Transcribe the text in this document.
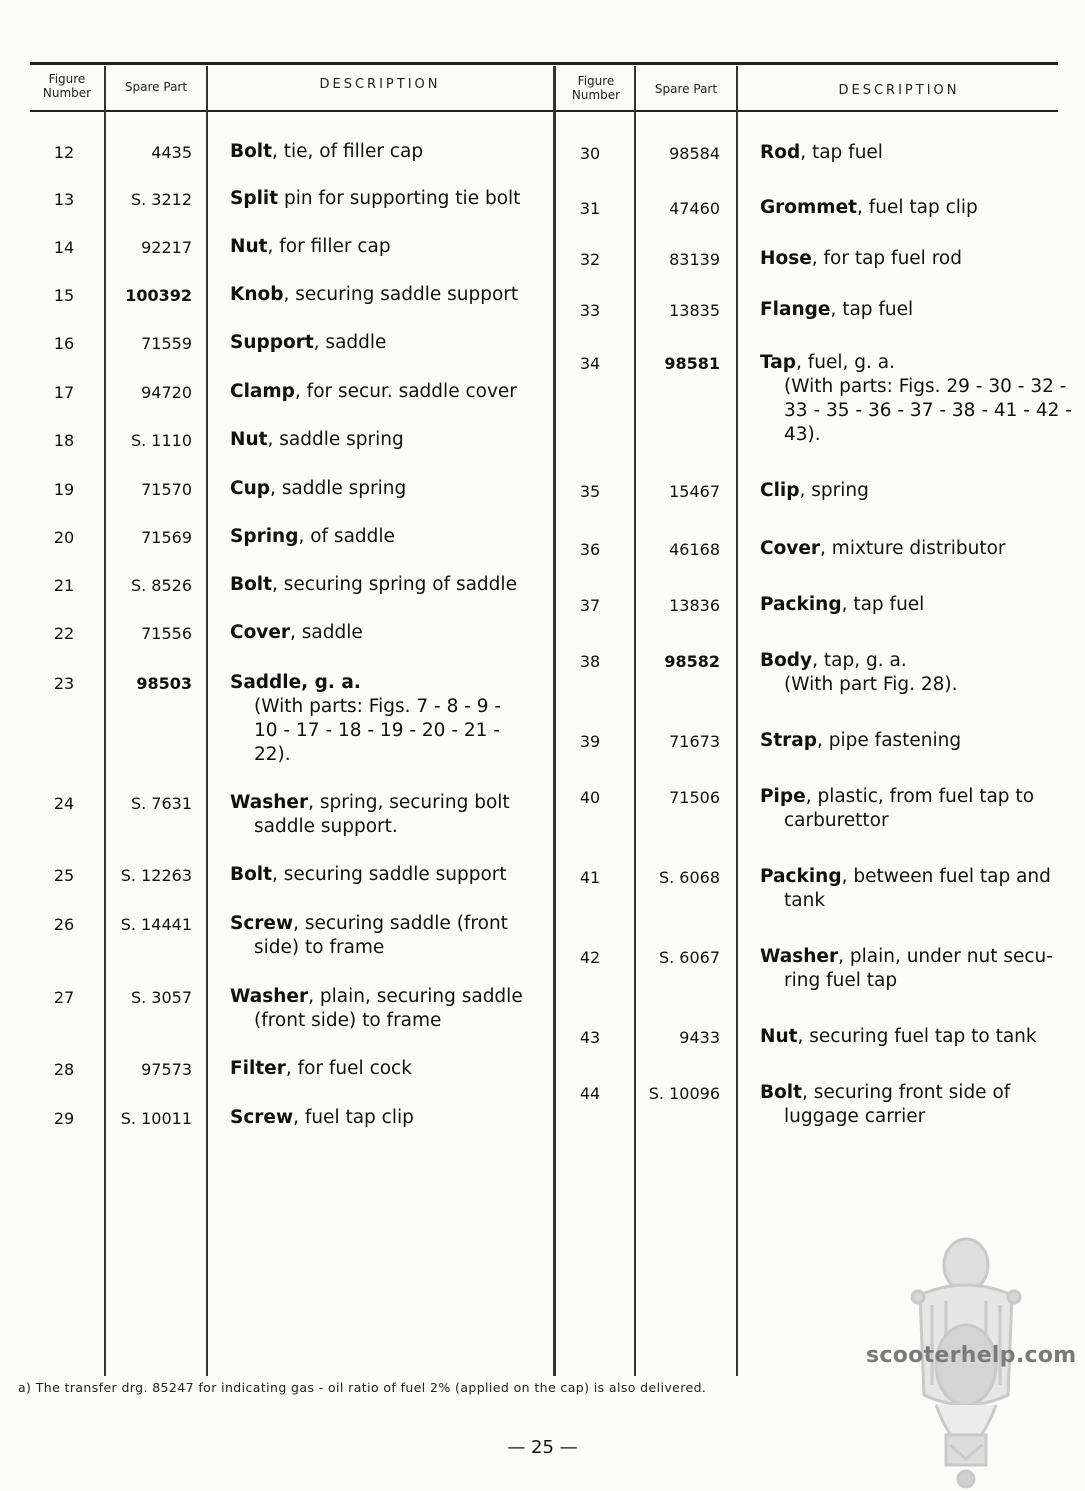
Figure Number	Spare Part	DESCRIPTION	Figure Number	Spare Part	DESCRIPTION
12	4435 Bolt, tie, of filler cap
13	S. 3212 Split pin for supporting tie bolt
14	92217 Nut, for filler cap
15	100392 Knob, securing saddle support
16	71559 Support, saddle
17	94720 Clamp, for secur. saddle cover
18	S. 1110 Nut, saddle spring
19	71570 Cup, saddle spring
20	71569 Spring, of saddle
21	S. 8526 Bolt, securing spring of saddle
22	71556 Cover, saddle
23	98503 Saddle, g. a.
(With parts: Figs. 7 - 8 - 9 - 10 - 17 - 18 - 19 - 20 - 21 - 22).
24	S. 7631 Washer, spring, securing bolt
saddle support.
25	S. 12263 Bolt, securing saddle support
26	S. 14441 Screw, securing saddle (front
side) to frame
27	S. 3057 Washer, plain, securing saddle
(front side) to frame
28	97573 Filter, for fuel cock
29	S. 10011 Screw, fuel tap clip
30	98584 Rod, tap fuel
31	47460 Grommet, fuel tap clip
32	83139 Hose, for tap fuel rod
33	13835 Flange, tap fuel
34	98581 Tap, fuel, g. a.
(With parts: Figs. 29 - 30 - 32 - 33 - 35 - 36 - 37 - 38 - 41 - 42 - 43).
35	15467 Clip, spring
36	46168 Cover, mixture distributor
37	13836 Packing, tap fuel
38	98582 Body, tap, g. a.
(With part Fig. 28).
39	71673 Strap, pipe fastening
40	71506 Pipe, plastic, from fuel tap to
carburettor
41	S. 6068 Packing, between fuel tap and
tank
42	S. 6067 Washer, plain, under nut secu-
ring fuel tap
43	9433 Nut, securing fuel tap to tank
44	S. 10096 Bolt, securing front side of
luggage carrier
a) The transfer drg. 85247 for indicating gas - oil ratio of fuel 2% (applied on the cap) is also delivered.
— 25 —
scooterhelp.com
